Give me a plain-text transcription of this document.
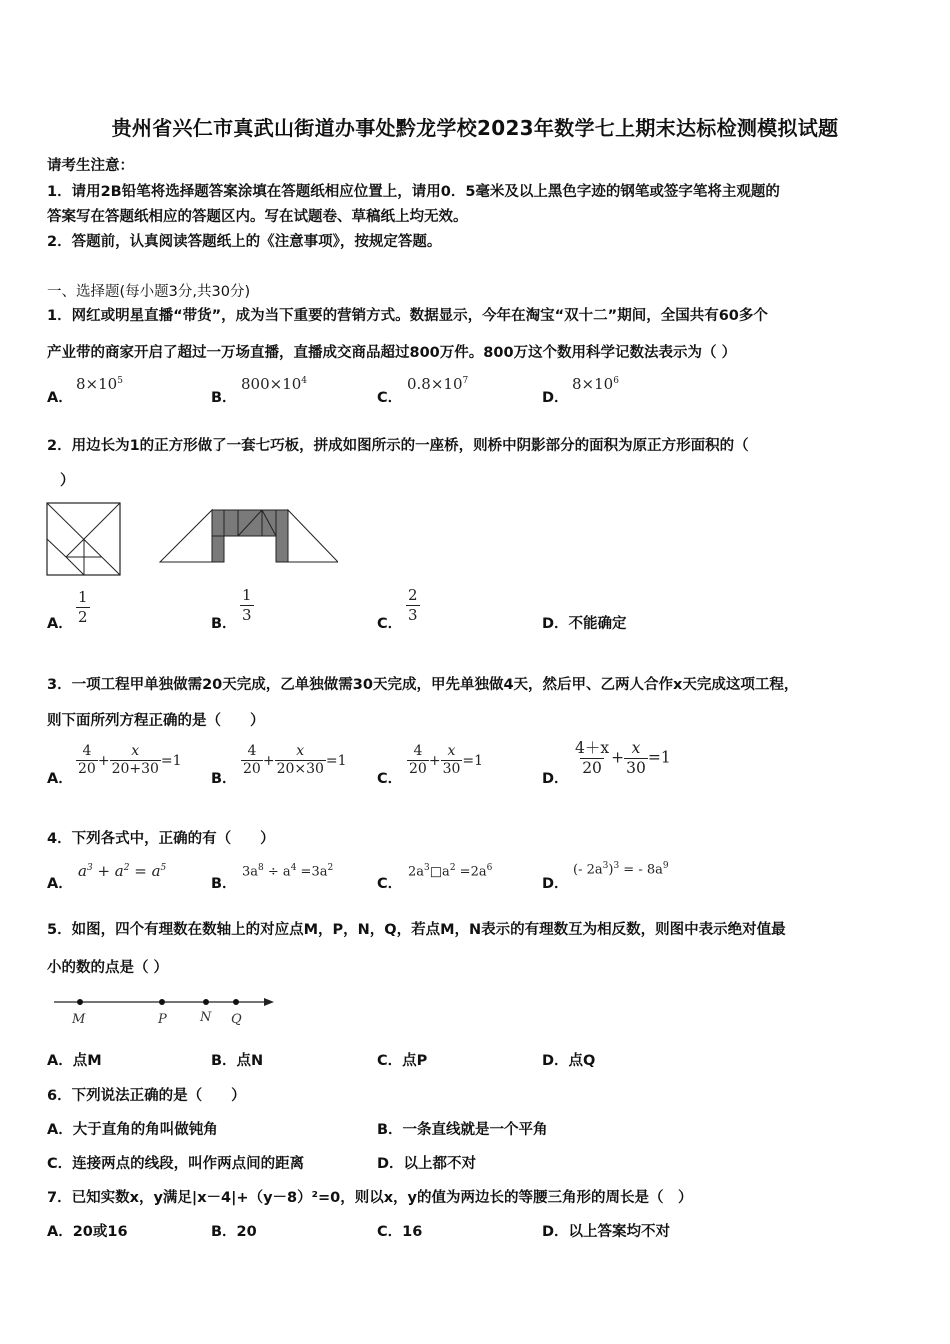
贵州省兴仁市真武山街道办事处黔龙学校2023年数学七上期末达标检测模拟试题
请考生注意：
1．请用2B铅笔将选择题答案涂填在答题纸相应位置上，请用0．5毫米及以上黑色字迹的钢笔或签字笔将主观题的
答案写在答题纸相应的答题区内。写在试题卷、草稿纸上均无效。
2．答题前，认真阅读答题纸上的《注意事项》，按规定答题。
一、选择题(每小题3分,共30分)
1．网红或明星直播“带货”，成为当下重要的营销方式。数据显示，今年在淘宝“双十二”期间，全国共有60多个
产业带的商家开启了超过一万场直播，直播成交商品超过800万件。800万这个数用科学记数法表示为（ ）
A．
$8\times 10^5$
B．
$800\times 10^4$
C．
$0.8\times 10^7$
D．
$8\times 10^6$
2．用边长为1的正方形做了一套七巧板，拼成如图所示的一座桥，则桥中阴影部分的面积为原正方形面积的（
）
A． $\frac{1}{2}$	B．
$\frac{1}{3}$
C．
$\frac{2}{3}$
D．不能确定
3．一项工程甲单独做需20天完成，乙单独做需30天完成，甲先单独做4天，然后甲、乙两人合作x天完成这项工程，
则下面所列方程正确的是（　　）
A．
$\frac{4}{20} + \frac{x}{20+30} =1$
B．
$\frac{4}{20} + \frac{x}{20\times 30} =1$
C．
$\frac{4}{20} + \frac{x}{30} =1$
D．
$\frac{4+x}{20} + \frac{x}{30} =1$
4．下列各式中，正确的有（　　）
A．
$a^3 + a^2 = a^5$
B．
$3a^8 \div a^4 =3a^2$
C．
$2a^3□a^2 =2a^6$
D．
(- $2a^3)^3$ = - $8a^9$
5．如图，四个有理数在数轴上的对应点M，P，N，Q，若点M，N表示的有理数互为相反数，则图中表示绝对值最
小的数的点是（ ）
M	P	N Q
A．点M	B．点N	C．点P	D．点Q
6．下列说法正确的是（　　）
A．大于直角的角叫做钝角	B．一条直线就是一个平角
C．连接两点的线段，叫作两点间的距离	D．以上都不对
7．已知实数x，y满足|x－4|+（y－8）²=0，则以x，y的值为两边长的等腰三角形的周长是（　）
A．20或16	B．20	C．16	D．以上答案均不对
